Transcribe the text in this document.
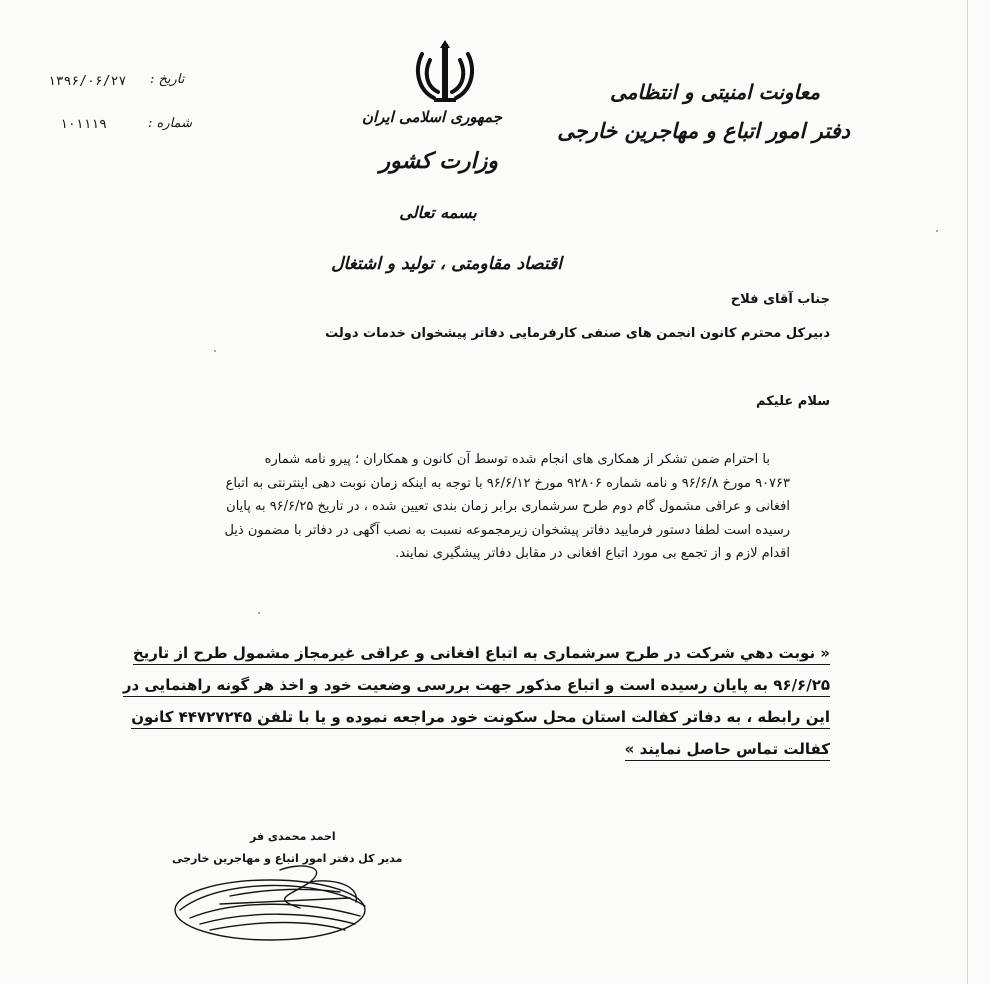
معاونت امنیتی و انتظامی
دفتر امور اتباع و مهاجرین خارجی
جمهوری اسلامی ایران
وزارت کشور
بسمه تعالی
اقتصاد مقاومتی ، تولید و اشتغال
تاریخ :
۱۳۹۶/۰۶/۲۷
شماره :
۱۰۱۱۱۹
جناب آقای فلاح
دبیرکل محترم کانون انجمن های صنفی کارفرمایی دفاتر پیشخوان خدمات دولت
سلام علیکم
با احترام ضمن تشکر از همکاری های انجام شده توسط آن کانون و همکاران ؛ پیرو نامه شماره
۹۰۷۶۳ مورخ ۹۶/۶/۸ و نامه شماره ۹۲۸۰۶ مورخ ۹۶/۶/۱۲ با توجه به اینکه زمان نوبت دهی اینترنتی به اتباع
افغانی و عراقی مشمول گام دوم طرح سرشماری برابر زمان بندی تعیین شده ، در تاریخ ۹۶/۶/۲۵ به پایان
رسیده است لطفا دستور فرمایید دفاتر پیشخوان زیرمجموعه نسبت به نصب آگهی در دفاتر با مضمون ذیل
اقدام لازم و از تجمع بی مورد اتباع افغانی در مقابل دفاتر پیشگیری نمایند.
« نوبت دهي شركت در طرح سرشماری به اتباع افغانی و عراقی غیرمجاز مشمول طرح از تاریخ
۹۶/۶/۲۵ به پایان رسیده است و اتباع مذکور جهت بررسی وضعیت خود و اخذ هر گونه راهنمایی در
این رابطه ، به دفاتر کفالت استان محل سکونت خود مراجعه نموده و یا با تلفن ۴۴۷۲۷۲۴۵ کانون
کفالت تماس حاصل نمایند »
احمد محمدی فر
مدیر کل دفتر امور اتباع و مهاجرین خارجی
